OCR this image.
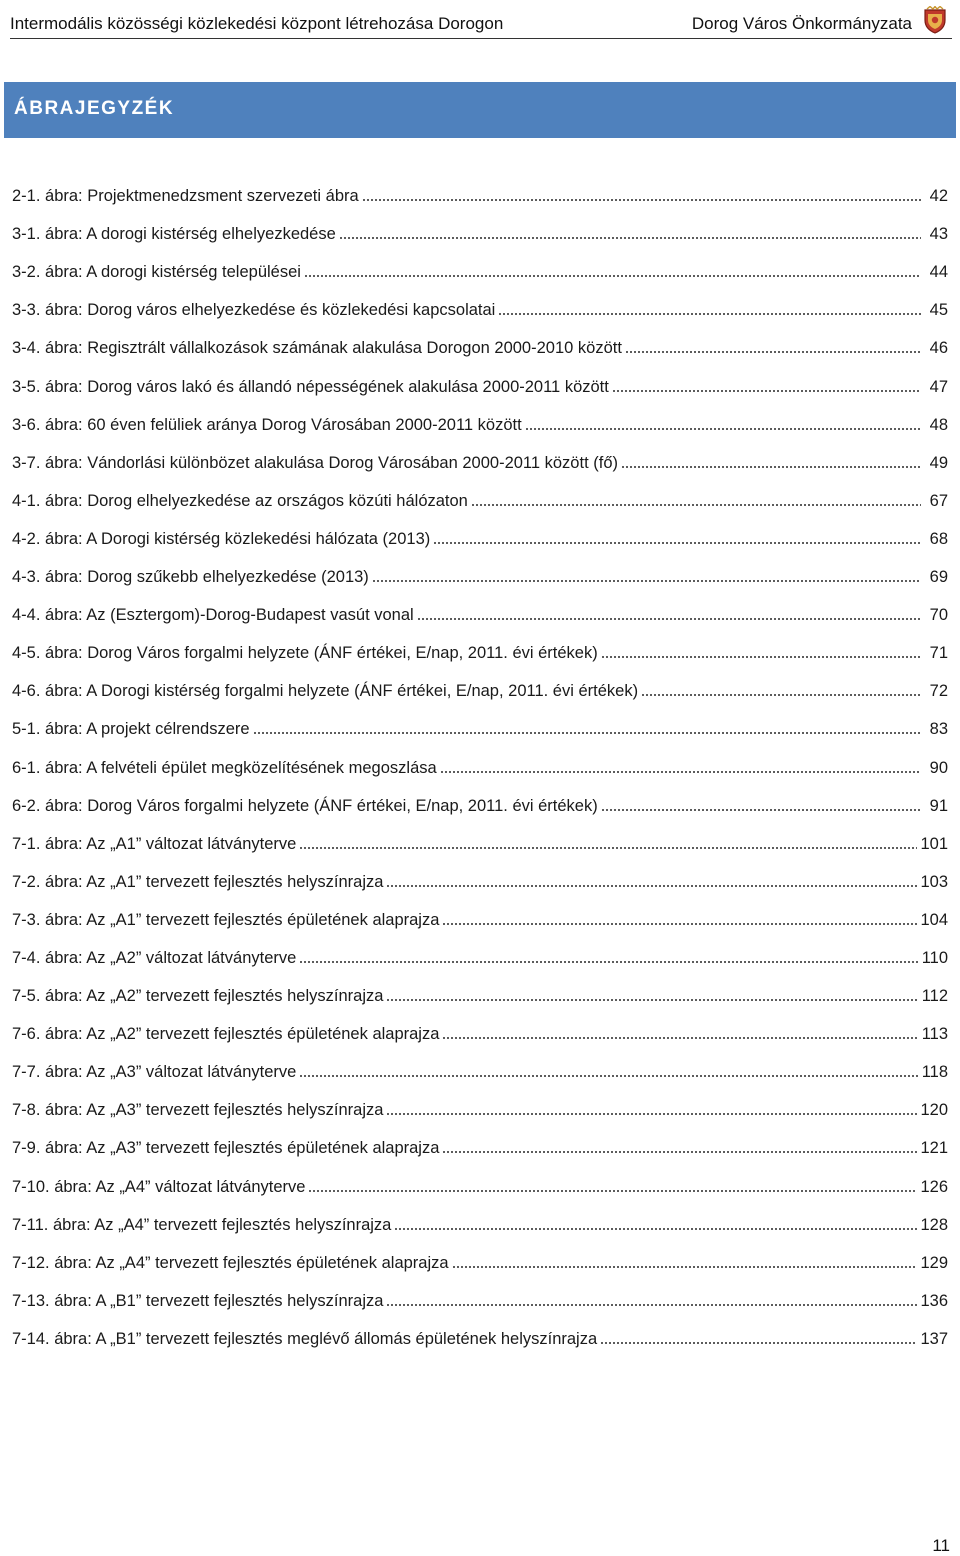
Intermodális közösségi közlekedési központ létrehozása Dorogon	Dorog Város Önkormányzata
ÁBRAJEGYZÉK
2-1. ábra: Projektmenedzsment szervezeti ábra	42
3-1. ábra: A dorogi kistérség elhelyezkedése	43
3-2. ábra: A dorogi kistérség települései	44
3-3. ábra: Dorog város elhelyezkedése és közlekedési kapcsolatai	45
3-4. ábra: Regisztrált vállalkozások számának alakulása Dorogon 2000-2010 között	46
3-5. ábra: Dorog város lakó és állandó népességének alakulása 2000-2011 között	47
3-6. ábra: 60 éven felüliek aránya Dorog Városában 2000-2011 között	48
3-7. ábra: Vándorlási különbözet alakulása Dorog Városában 2000-2011 között (fő)	49
4-1. ábra: Dorog elhelyezkedése az országos közúti hálózaton	67
4-2. ábra: A Dorogi kistérség közlekedési hálózata (2013)	68
4-3. ábra: Dorog szűkebb elhelyezkedése (2013)	69
4-4. ábra: Az (Esztergom)-Dorog-Budapest vasút vonal	70
4-5. ábra: Dorog Város forgalmi helyzete (ÁNF értékei, E/nap, 2011. évi értékek)	71
4-6. ábra: A Dorogi kistérség forgalmi helyzete (ÁNF értékei, E/nap, 2011. évi értékek)	72
5-1. ábra: A projekt célrendszere	83
6-1. ábra: A felvételi épület megközelítésének megoszlása	90
6-2. ábra: Dorog Város forgalmi helyzete (ÁNF értékei, E/nap, 2011. évi értékek)	91
7-1. ábra: Az „A1” változat látványterve	101
7-2. ábra: Az „A1” tervezett fejlesztés helyszínrajza	103
7-3. ábra: Az „A1” tervezett fejlesztés épületének alaprajza	104
7-4. ábra: Az „A2” változat látványterve	110
7-5. ábra: Az „A2” tervezett fejlesztés helyszínrajza	112
7-6. ábra: Az „A2” tervezett fejlesztés épületének alaprajza	113
7-7. ábra: Az „A3” változat látványterve	118
7-8. ábra: Az „A3” tervezett fejlesztés helyszínrajza	120
7-9. ábra: Az „A3” tervezett fejlesztés épületének alaprajza	121
7-10. ábra: Az „A4” változat látványterve	126
7-11. ábra: Az „A4” tervezett fejlesztés helyszínrajza	128
7-12. ábra: Az „A4” tervezett fejlesztés épületének alaprajza	129
7-13. ábra: A „B1” tervezett fejlesztés helyszínrajza	136
7-14. ábra: A „B1” tervezett fejlesztés meglévő állomás épületének helyszínrajza	137
11
